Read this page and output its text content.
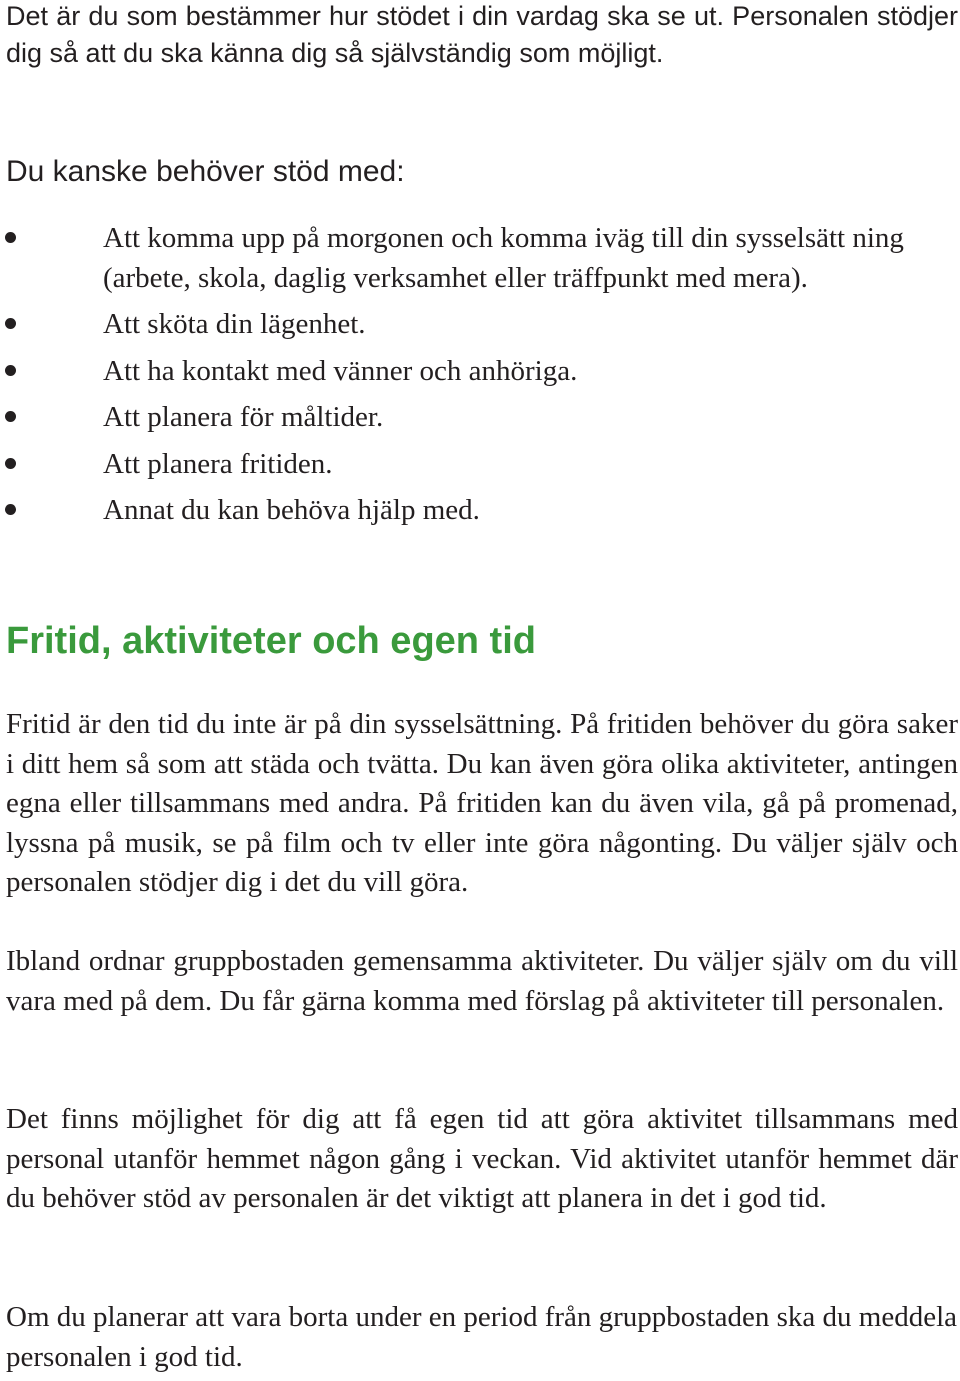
Det är du som bestämmer hur stödet i din vardag ska se ut. Personalen stödjer dig så att du ska känna dig så självständig som möjligt.

Du kanske behöver stöd med:
Att komma upp på morgonen och komma iväg till din sysselsätt ning (arbete, skola, daglig verksamhet eller träffpunkt med mera).
Att sköta din lägenhet.
Att ha kontakt med vänner och anhöriga.
Att planera för måltider.
Att planera fritiden.
Annat du kan behöva hjälp med.
Fritid, aktiviteter och egen tid

Fritid är den tid du inte är på din sysselsättning. På fritiden behöver du göra saker i ditt hem så som att städa och tvätta. Du kan även göra olika aktiviteter, antingen egna eller tillsammans med andra. På fritiden kan du även vila, gå på promenad, lyssna på musik, se på film och tv eller inte göra någonting. Du väljer själv och personalen stödjer dig i det du vill göra.

Ibland ordnar gruppbostaden gemensamma aktiviteter. Du väljer själv om du vill vara med på dem. Du får gärna komma med förslag på aktiviteter till personalen.

Det finns möjlighet för dig att få egen tid att göra aktivitet tillsammans med personal utanför hemmet någon gång i veckan. Vid aktivitet utanför hemmet där du behöver stöd av personalen är det viktigt att planera in det i god tid.

Om du planerar att vara borta under en period från gruppbostaden ska du meddela personalen i god tid.
